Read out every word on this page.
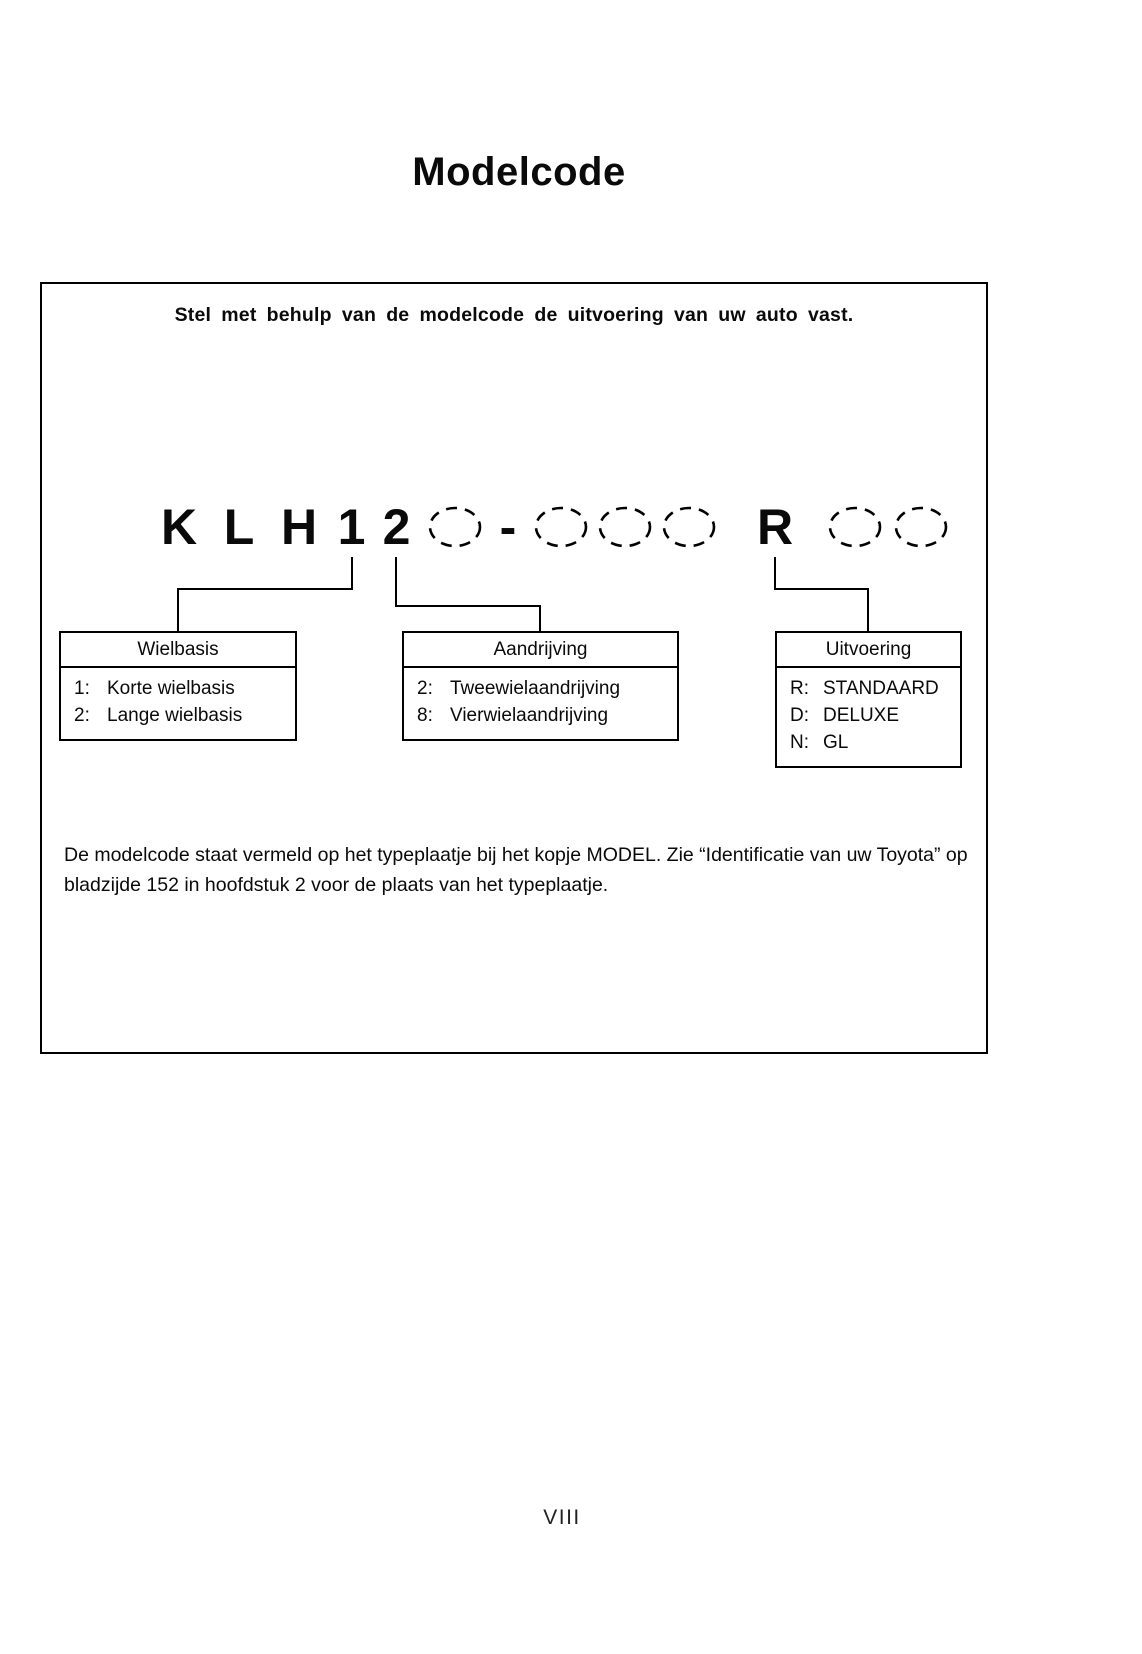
Modelcode
Stel met behulp van de modelcode de uitvoering van uw auto vast.
K L H 1 2	-	R
Wielbasis
1: Korte wielbasis
2: Lange wielbasis
Aandrijving
2: Tweewielaandrijving
8: Vierwielaandrijving
Uitvoering
R: STANDAARD
D: DELUXE
N: GL

De modelcode staat vermeld op het typeplaatje bij het kopje MODEL. Zie “Identificatie van uw Toyota” op bladzijde 152 in hoofdstuk 2 voor de plaats van het typeplaatje.

VIII
